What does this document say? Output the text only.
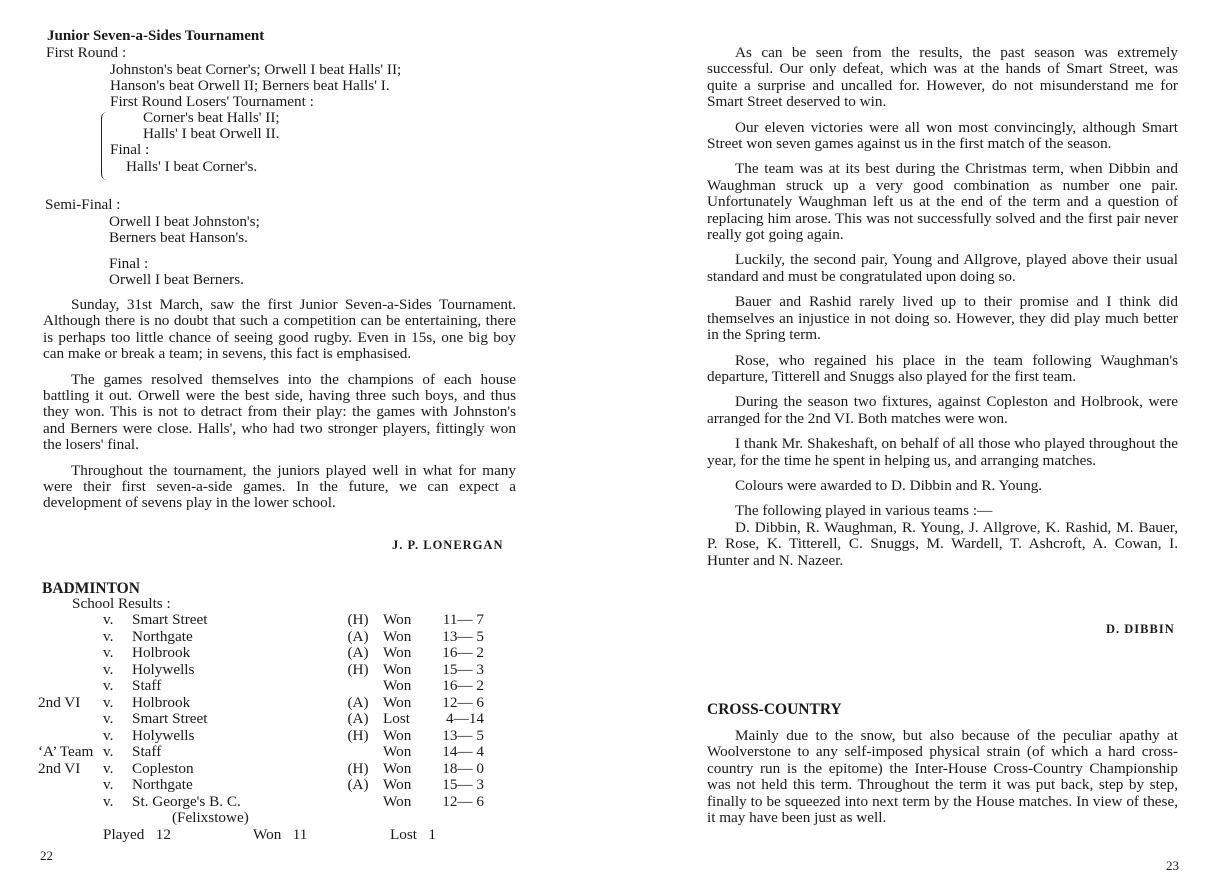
Junior Seven-a-Sides Tournament
First Round :
Johnston's beat Corner's; Orwell I beat Halls' II;
Hanson's beat Orwell II; Berners beat Halls' I.
First Round Losers' Tournament :
Corner's beat Halls' II;
Halls' I beat Orwell II.
Final :
Halls' I beat Corner's.
Semi-Final :
Orwell I beat Johnston's;
Berners beat Hanson's.
Final :
Orwell I beat Berners.

Sunday, 31st March, saw the first Junior Seven-a-Sides Tournament. Although there is no doubt that such a competition can be entertaining, there is perhaps too little chance of seeing good rugby. Even in 15s, one big boy can make or break a team; in sevens, this fact is emphasised.

The games resolved themselves into the champions of each house battling it out. Orwell were the best side, having three such boys, and thus they won. This is not to detract from their play: the games with Johnston's and Berners were close. Halls', who had two stronger players, fittingly won the losers' final.

Throughout the tournament, the juniors played well in what for many were their first seven-a-side games. In the future, we can expect a development of sevens play in the lower school.

J. P. LONERGAN
BADMINTON
School Results :
v. Smart Street	(H) Won	11— 7
v. Northgate	(A) Won	13— 5
v. Holbrook	(A) Won	16— 2
v. Holywells	(H) Won	15— 3
v. Staff	Won	16— 2
2nd VI v. Holbrook	(A) Won	12— 6
v. Smart Street	(A) Lost	4—14
v. Holywells	(H) Won	13— 5
‘A’ Team v. Staff	Won	14— 4
2nd VI v. Copleston	(H) Won	18— 0
v. Northgate	(A) Won	15— 3
v. St. George's B. C.	Won	12— 6
(Felixstowe)
Played 12	Won 11	Lost 1
22

As can be seen from the results, the past season was extremely successful. Our only defeat, which was at the hands of Smart Street, was quite a surprise and uncalled for. However, do not misunderstand me for Smart Street deserved to win.

Our eleven victories were all won most convincingly, although Smart Street won seven games against us in the first match of the season.

The team was at its best during the Christmas term, when Dibbin and Waughman struck up a very good combination as number one pair. Unfortunately Waughman left us at the end of the term and a question of replacing him arose. This was not successfully solved and the first pair never really got going again.

Luckily, the second pair, Young and Allgrove, played above their usual standard and must be congratulated upon doing so.

Bauer and Rashid rarely lived up to their promise and I think did themselves an injustice in not doing so. However, they did play much better in the Spring term.

Rose, who regained his place in the team following Waughman's departure, Titterell and Snuggs also played for the first team.

During the season two fixtures, against Copleston and Holbrook, were arranged for the 2nd VI. Both matches were won.

I thank Mr. Shakeshaft, on behalf of all those who played throughout the year, for the time he spent in helping us, and arranging matches.

Colours were awarded to D. Dibbin and R. Young.

The following played in various teams :—

D. Dibbin, R. Waughman, R. Young, J. Allgrove, K. Rashid, M. Bauer, P. Rose, K. Titterell, C. Snuggs, M. Wardell, T. Ashcroft, A. Cowan, I. Hunter and N. Nazeer.

D. DIBBIN
CROSS-COUNTRY

Mainly due to the snow, but also because of the peculiar apathy at Woolverstone to any self-imposed physical strain (of which a hard cross-country run is the epitome) the Inter-House Cross-Country Championship was not held this term. Throughout the term it was put back, step by step, finally to be squeezed into next term by the House matches. In view of these, it may have been just as well.

23
